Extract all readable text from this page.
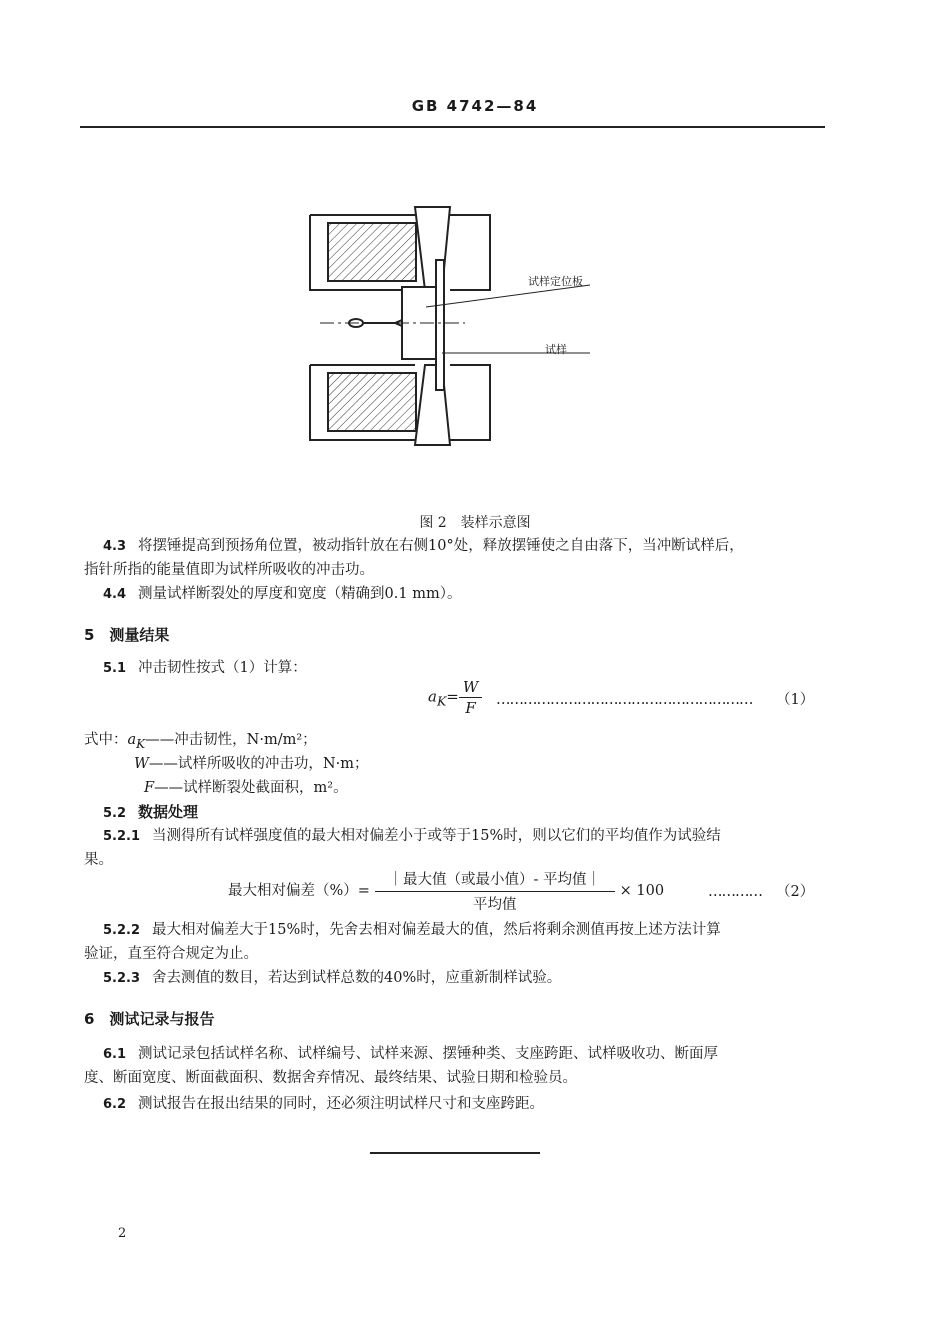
GB 4742—84
试样定位板
试样
图 2　装样示意图
4.3 将摆锤提高到预扬角位置，被动指针放在右侧10°处，释放摆锤使之自由落下，当冲断试样后，
指针所指的能量值即为试样所吸收的冲击功。
4.4 测量试样断裂处的厚度和宽度（精确到0.1 mm）。
5　测量结果
5.1 冲击韧性按式（1）计算：
$a_K= \frac{W}{F}$ ………………………………………………… （1）
式中：$a_K——$冲击韧性，N·m/m²；
W——试样所吸收的冲击功，N·m；
F——试样断裂处截面积，m²。
5.2 数据处理
5.2.1 当测得所有试样强度值的最大相对偏差小于或等于15%时，则以它们的平均值作为试验结
果。
最大相对偏差（%）= $\frac{\text{｜最大值（或最小值）- 平均值｜}}{\text{平均值}} \times 100$	………… （2）
5.2.2 最大相对偏差大于15%时，先舍去相对偏差最大的值，然后将剩余测值再按上述方法计算
验证，直至符合规定为止。
5.2.3 舍去测值的数目，若达到试样总数的40%时，应重新制样试验。
6　测试记录与报告
6.1 测试记录包括试样名称、试样编号、试样来源、摆锤种类、支座跨距、试样吸收功、断面厚
度、断面宽度、断面截面积、数据舍弃情况、最终结果、试验日期和检验员。
6.2 测试报告在报出结果的同时，还必须注明试样尺寸和支座跨距。
2
